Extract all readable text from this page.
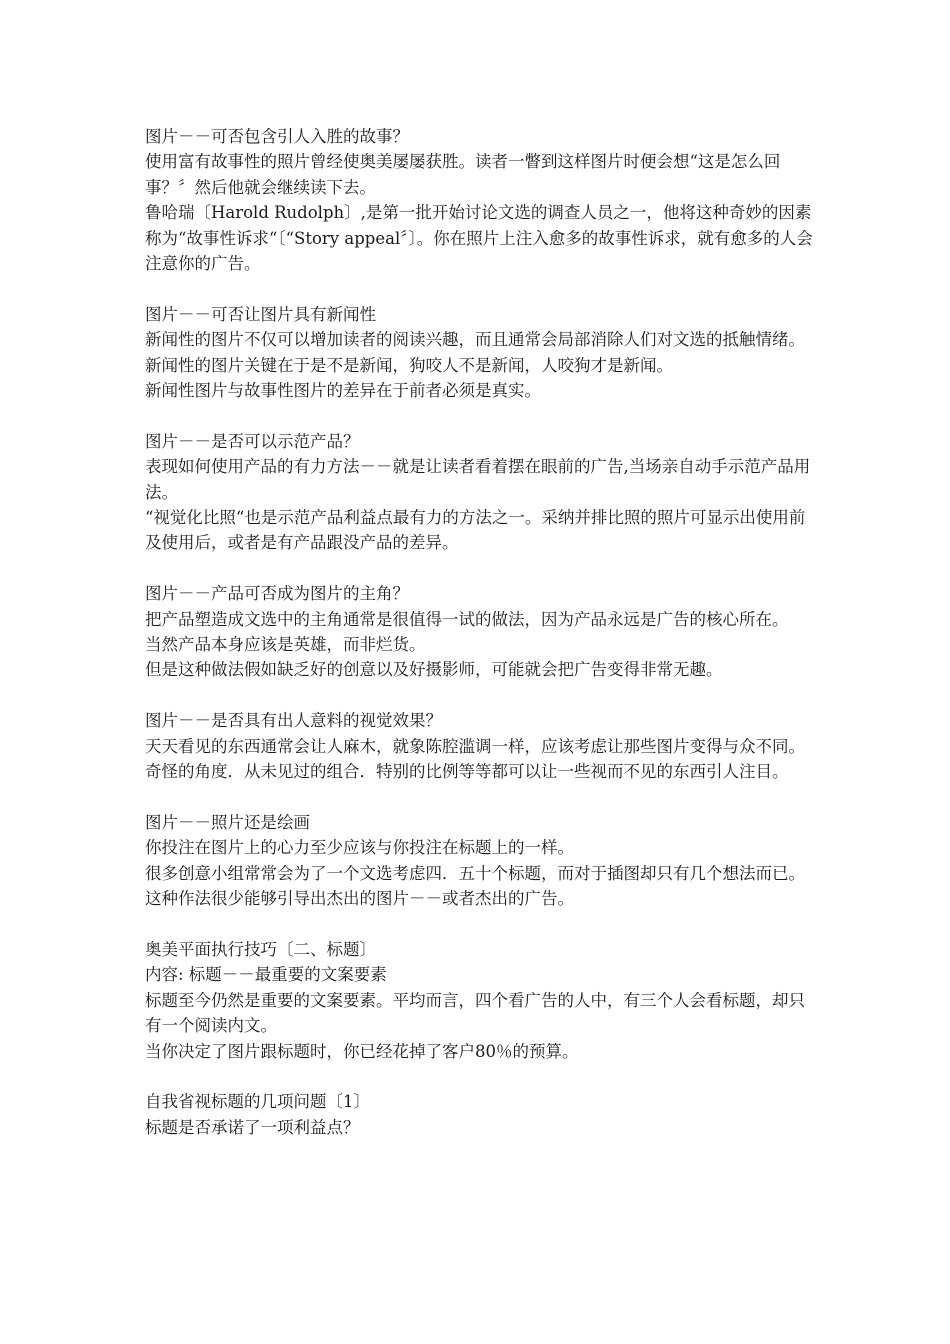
图片－－可否包含引人入胜的故事？

使用富有故事性的照片曾经使奥美屡屡获胜。读者一瞥到这样图片时便会想“这是怎么回事？〞然后他就会继续读下去。

鲁哈瑞〔Harold Rudolph〕,是第一批开始讨论文选的调查人员之一，他将这种奇妙的因素称为“故事性诉求“〔“Story appeal〞〕。你在照片上注入愈多的故事性诉求，就有愈多的人会注意你的广告。

图片－－可否让图片具有新闻性

新闻性的图片不仅可以增加读者的阅读兴趣，而且通常会局部消除人们对文选的抵触情绪。

新闻性的图片关键在于是不是新闻，狗咬人不是新闻，人咬狗才是新闻。

新闻性图片与故事性图片的差异在于前者必须是真实。

图片－－是否可以示范产品？

表现如何使用产品的有力方法－－就是让读者看着摆在眼前的广告,当场亲自动手示范产品用法。

“视觉化比照“也是示范产品利益点最有力的方法之一。采纳并排比照的照片可显示出使用前及使用后，或者是有产品跟没产品的差异。

图片－－产品可否成为图片的主角？

把产品塑造成文选中的主角通常是很值得一试的做法，因为产品永远是广告的核心所在。

当然产品本身应该是英雄，而非烂货。

但是这种做法假如缺乏好的创意以及好摄影师，可能就会把广告变得非常无趣。

图片－－是否具有出人意料的视觉效果？

天天看见的东西通常会让人麻木，就象陈腔滥调一样，应该考虑让那些图片变得与众不同。

奇怪的角度．从未见过的组合．特别的比例等等都可以让一些视而不见的东西引人注目。

图片－－照片还是绘画

你投注在图片上的心力至少应该与你投注在标题上的一样。

很多创意小组常常会为了一个文选考虑四．五十个标题，而对于插图却只有几个想法而已。这种作法很少能够引导出杰出的图片－－或者杰出的广告。

奥美平面执行技巧〔二、标题〕

内容: 标题－－最重要的文案要素

标题至今仍然是重要的文案要素。平均而言，四个看广告的人中，有三个人会看标题，却只有一个阅读内文。

当你决定了图片跟标题时，你已经花掉了客户80％的预算。

自我省视标题的几项问题〔1〕

标题是否承诺了一项利益点？
